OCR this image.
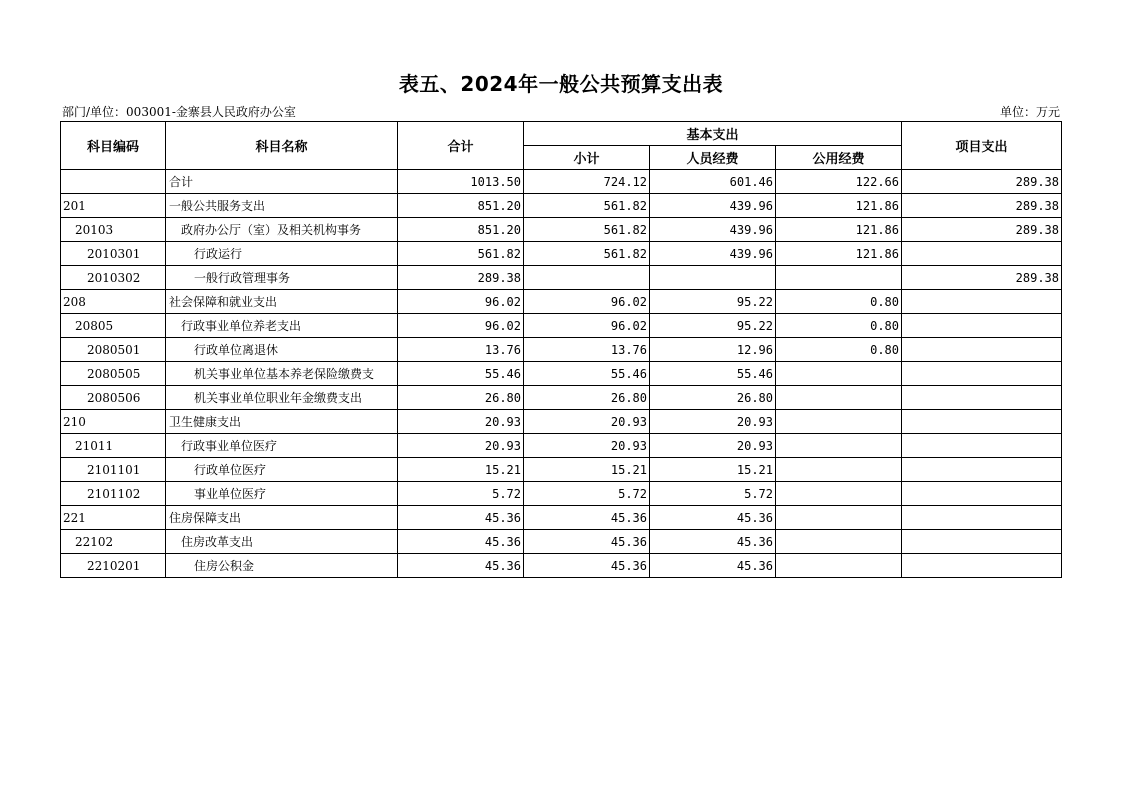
表五、2024年一般公共预算支出表
部门/单位：003001-金寨县人民政府办公室	单位：万元
科目编码	科目名称	合计	基本支出			项目支出
			小计	人员经费	公用经费	
	合计	1013.50	724.12	601.46	122.66	289.38
201	一般公共服务支出	851.20	561.82	439.96	121.86	289.38
20103	政府办公厅（室）及相关机构事务	851.20	561.82	439.96	121.86	289.38
2010301	行政运行	561.82	561.82	439.96	121.86	
2010302	一般行政管理事务	289.38				289.38
208	社会保障和就业支出	96.02	96.02	95.22	0.80	
20805	行政事业单位养老支出	96.02	96.02	95.22	0.80	
2080501	行政单位离退休	13.76	13.76	12.96	0.80	
2080505	机关事业单位基本养老保险缴费支	55.46	55.46	55.46		
2080506	机关事业单位职业年金缴费支出	26.80	26.80	26.80		
210	卫生健康支出	20.93	20.93	20.93		
21011	行政事业单位医疗	20.93	20.93	20.93		
2101101	行政单位医疗	15.21	15.21	15.21		
2101102	事业单位医疗	5.72	5.72	5.72		
221	住房保障支出	45.36	45.36	45.36		
22102	住房改革支出	45.36	45.36	45.36		
2210201	住房公积金	45.36	45.36	45.36		
